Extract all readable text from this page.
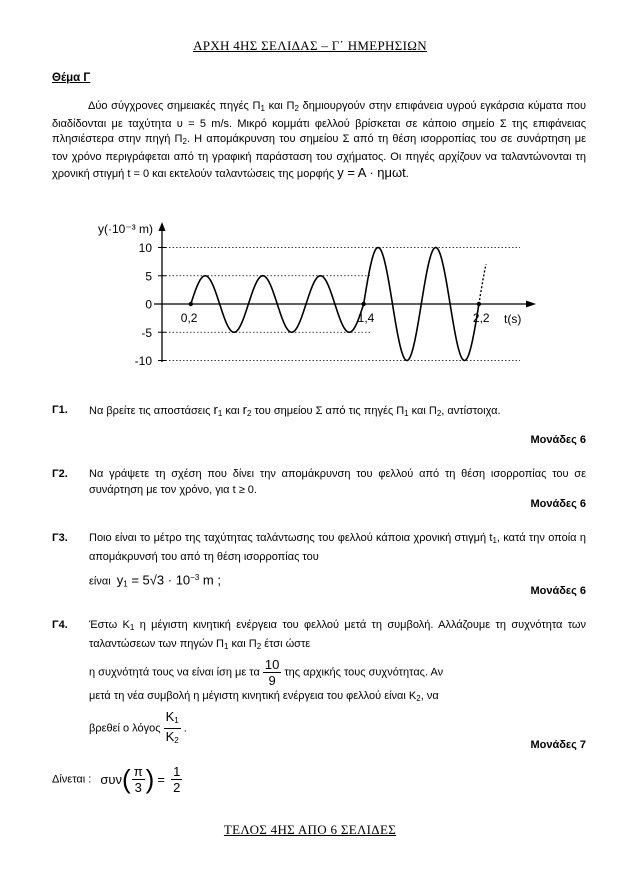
ΑΡΧΗ 4ΗΣ ΣΕΛΙΔΑΣ – Γ΄ ΗΜΕΡΗΣΙΩΝ
Θέμα Γ
Δύο σύγχρονες σημειακές πηγές $\Pi_1$ και $\Pi_2$ δημιουργούν στην επιφάνεια υγρού εγκάρσια κύματα που διαδίδονται με ταχύτητα υ = 5 m/s. Μικρό κομμάτι φελλού βρίσκεται σε κάποιο σημείο Σ της επιφάνειας πλησιέστερα στην πηγή $\Pi_2$. Η απομάκρυνση του σημείου Σ από τη θέση ισορροπίας του σε συνάρτηση με τον χρόνο περιγράφεται από τη γραφική παράσταση του σχήματος. Οι πηγές αρχίζουν να ταλαντώνονται τη χρονική στιγμή t = 0 και εκτελούν ταλαντώσεις της μορφής y = A · ημωt.
10
5
0
-5
-10
y(·10⁻³ m)
t(s)
0,2	1,4	2,2
Γ1. Να βρείτε τις αποστάσεις $r_1$ και $r_2$ του σημείου Σ από τις πηγές $\Pi_1$ και $\Pi_2$, αντίστοιχα.
Μονάδες 6
Γ2. Να γράψετε τη σχέση που δίνει την απομάκρυνση του φελλού από τη θέση ισορροπίας του σε συνάρτηση με τον χρόνο, για t ≥ 0.
Μονάδες 6
Γ3. Ποιο είναι το μέτρο της ταχύτητας ταλάντωσης του φελλού κάποια χρονική στιγμή $t_1$, κατά την οποία η απομάκρυνσή του από τη θέση ισορροπίας του
είναι $y_1 = 5√3 \cdot 10^{-3}$ m ;
Μονάδες 6
Γ4. Έστω $K_1$ η μέγιστη κινητική ενέργεια του φελλού μετά τη συμβολή. Αλλάζουμε τη συχνότητα των ταλαντώσεων των πηγών $\Pi_1$ και $\Pi_2$ έτσι ώστε
η συχνότητά τους να είναι ίση με τα $\frac{10}{9}$ της αρχικής τους συχνότητας. Αν
μετά τη νέα συμβολή η μέγιστη κινητική ενέργεια του φελλού είναι $K_2$, να
βρεθεί ο λόγος $\frac{K_1}{K_2}$ .
Μονάδες 7
Δίνεται : $\sigma\upsilon\nu( \frac{\pi}{3}$ ) = $\frac{1}{2}$
ΤΕΛΟΣ 4ΗΣ ΑΠΟ 6 ΣΕΛΙΔΕΣ
